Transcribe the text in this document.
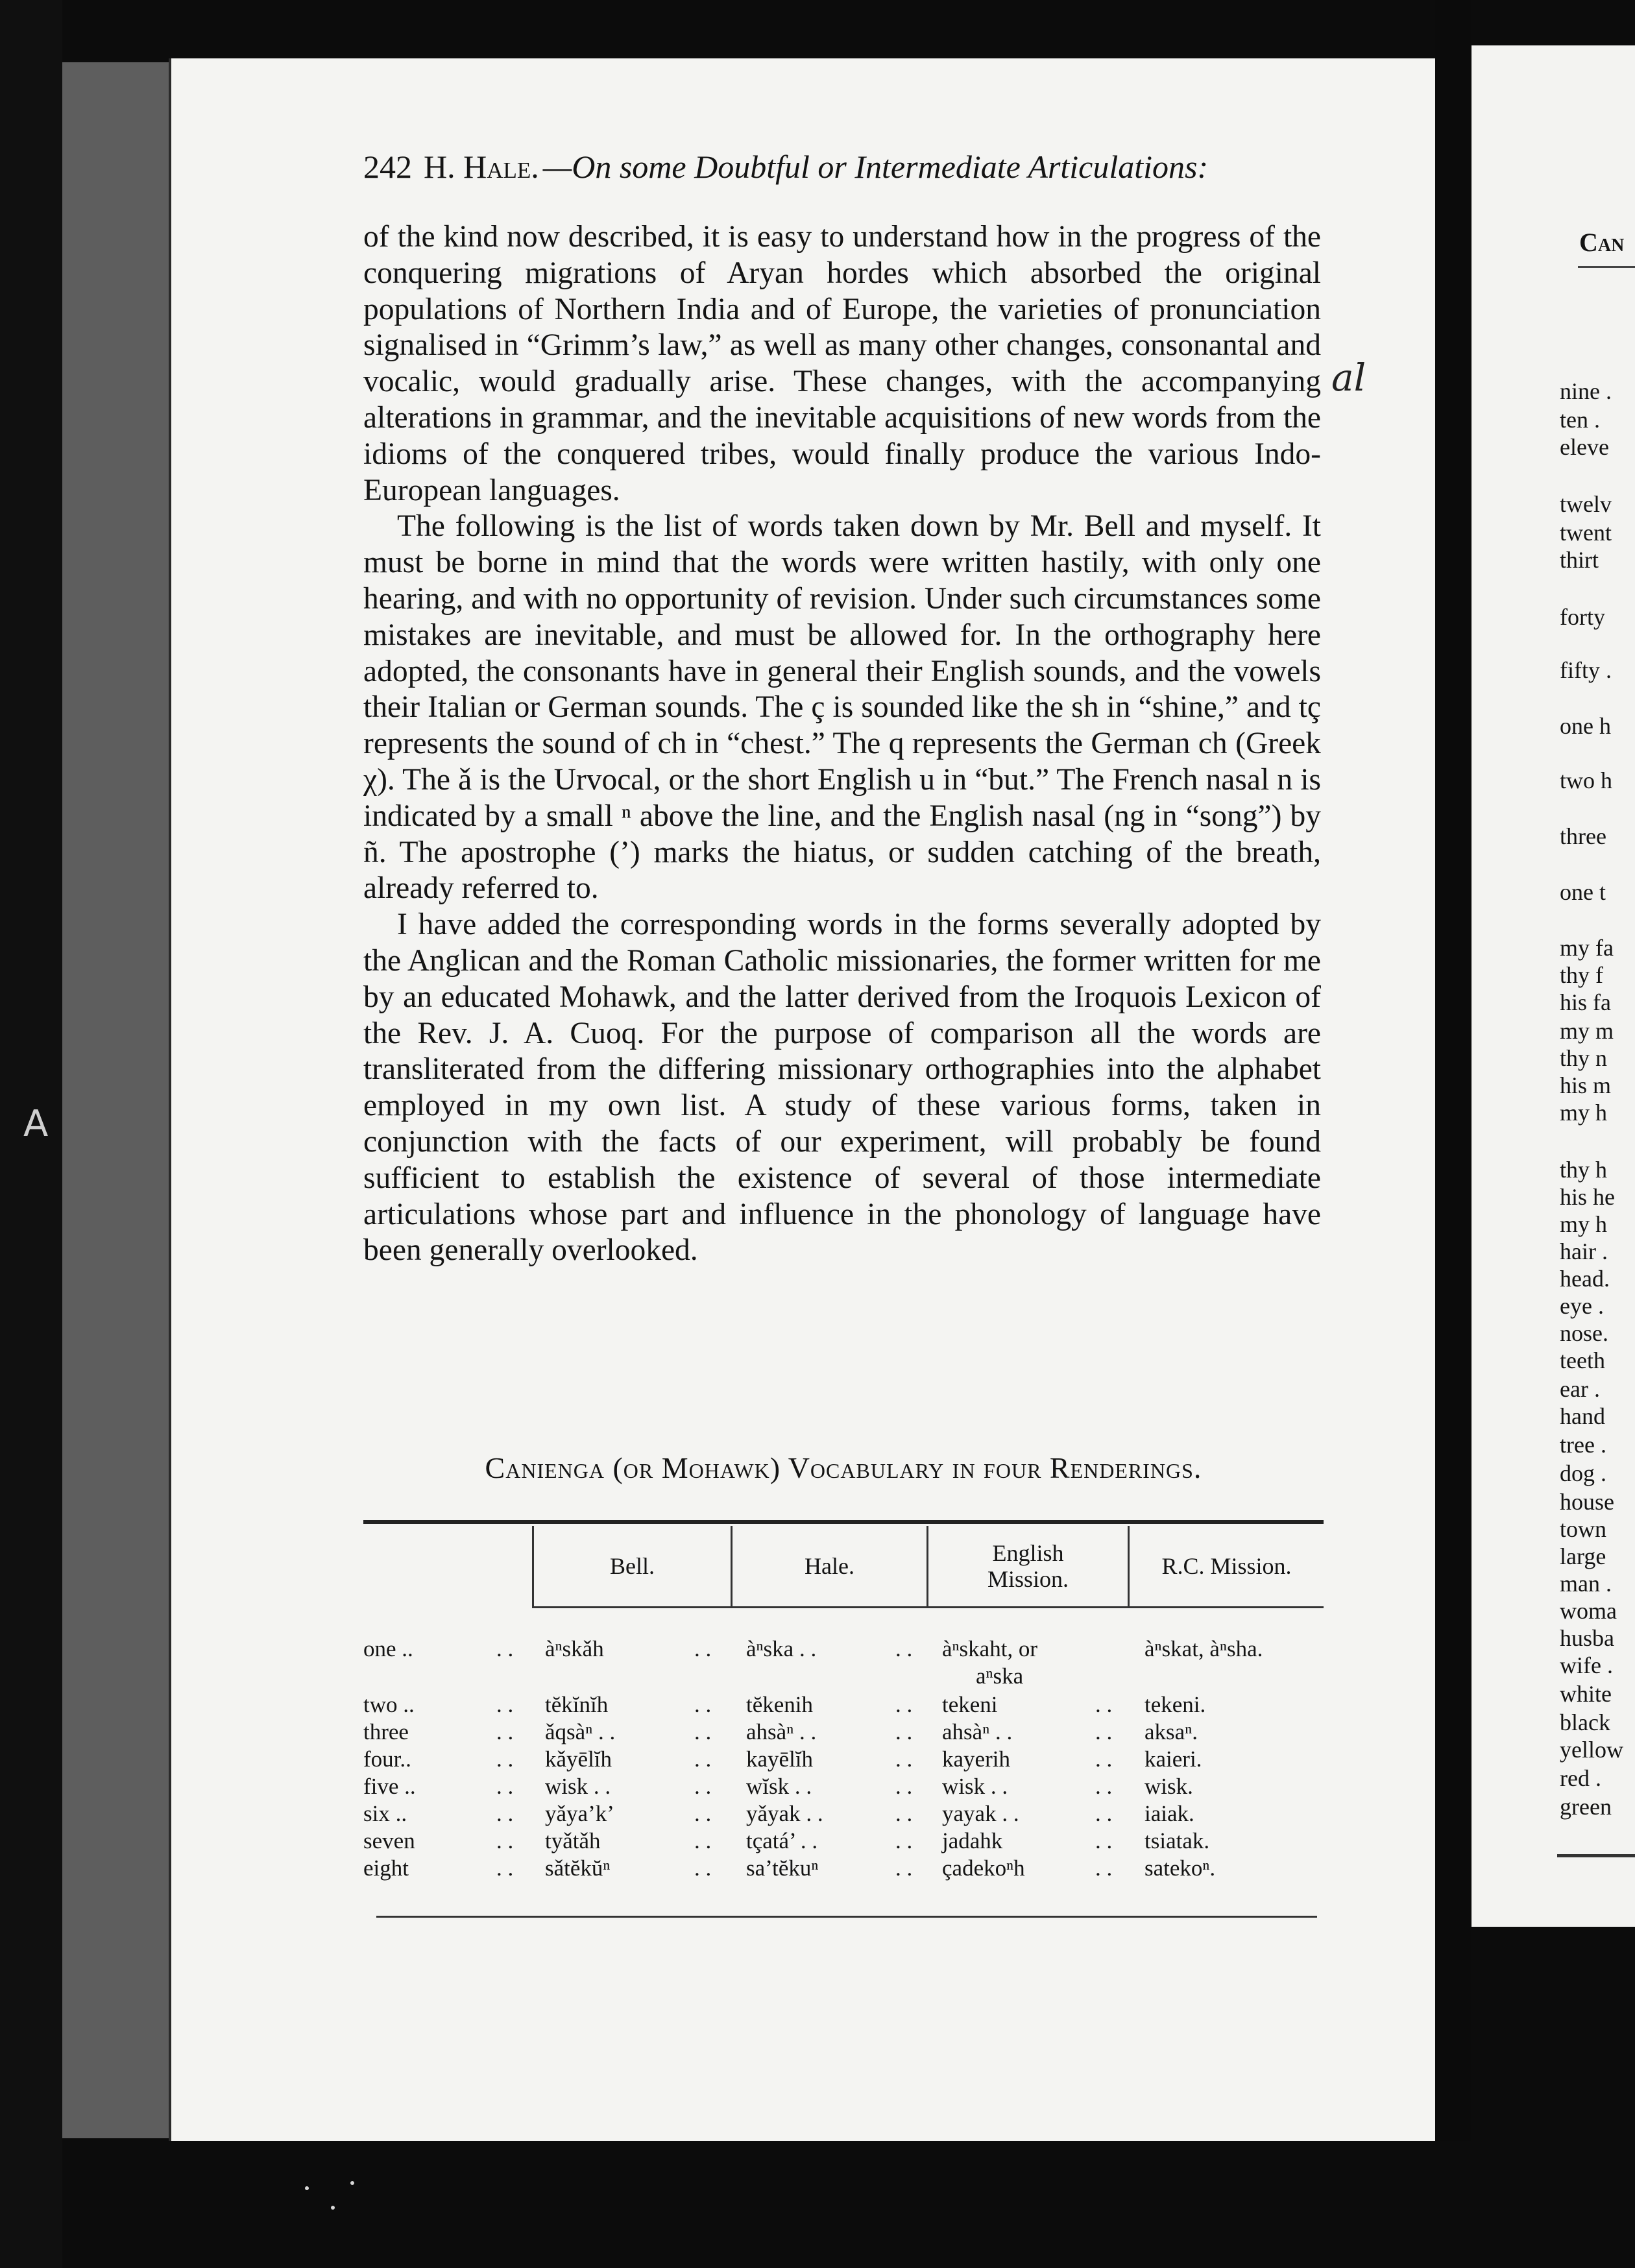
A
242 H. Hale. —On some Doubtful or Intermediate Articulations:

of the kind now described, it is easy to understand how in the progress of the conquering migrations of Aryan hordes which absorbed the original populations of Northern India and of Europe, the varieties of pronunciation signalised in “Grimm’s law,” as well as many other changes, consonantal and vocalic, would gradually arise. These changes, with the accompanying alterations in grammar, and the inevitable acquisitions of new words from the idioms of the conquered tribes, would finally produce the various Indo-European languages.

The following is the list of words taken down by Mr. Bell and myself. It must be borne in mind that the words were written hastily, with only one hearing, and with no opportunity of revision. Under such circumstances some mistakes are inevitable, and must be allowed for. In the orthography here adopted, the consonants have in general their English sounds, and the vowels their Italian or German sounds. The ç is sounded like the sh in “shine,” and tç represents the sound of ch in “chest.” The q represents the German ch (Greek χ). The ǎ is the Urvocal, or the short English u in “but.” The French nasal n is indicated by a small ⁿ above the line, and the English nasal (ng in “song”) by ñ. The apostrophe (’) marks the hiatus, or sudden catching of the breath, already referred to.

I have added the corresponding words in the forms severally adopted by the Anglican and the Roman Catholic missionaries, the former written for me by an educated Mohawk, and the latter derived from the Iroquois Lexicon of the Rev. J. A. Cuoq. For the purpose of comparison all the words are transliterated from the differing missionary orthographies into the alphabet employed in my own list. A study of these various forms, taken in conjunction with the facts of our experiment, will probably be found sufficient to establish the existence of several of those intermediate articulations whose part and influence in the phonology of language have been generally overlooked.

al
Canienga (or Mohawk) Vocabulary in four Renderings.
Bell.	Hale.	English Mission.	R.C. Mission.
one ..	. . àⁿskǎh	. . àⁿska . .	. . àⁿskaht, or	àⁿskat, àⁿsha.
aⁿska
two ..	. . tĕkĭnĭh	. . tĕkenih	. . tekeni	. . tekeni.
three	. . ǎqsàⁿ . .	. . ahsàⁿ . .	. . ahsàⁿ . .	. . aksaⁿ.
four..	. . kǎyēlĭh	. . kayēlĭh	. . kayerih	. . kaieri.
five ..	. . wisk . .	. . wĭsk . .	. . wisk . .	. . wisk.
six ..	. . yǎya’k’	. . yǎyak . .	. . yayak . .	. . iaiak.
seven	. . tyǎtǎh	. . tçatá’ . .	. . jadahk	. . tsiatak.
eight	. . sǎtĕkŭⁿ	. . sa’tĕkuⁿ	. . çadekoⁿh	. . satekoⁿ.
Can
nine .
ten .
eleve
twelv
twent
thirt
forty
fifty .
one h
two h
three
one t
my fa
thy f
his fa
my m
thy n
his m
my h
thy h
his he
my h
hair .
head.
eye .
nose.
teeth
ear .
hand
tree .
dog .
house
town
large
man .
woma
husba
wife .
white
black
yellow
red .
green
